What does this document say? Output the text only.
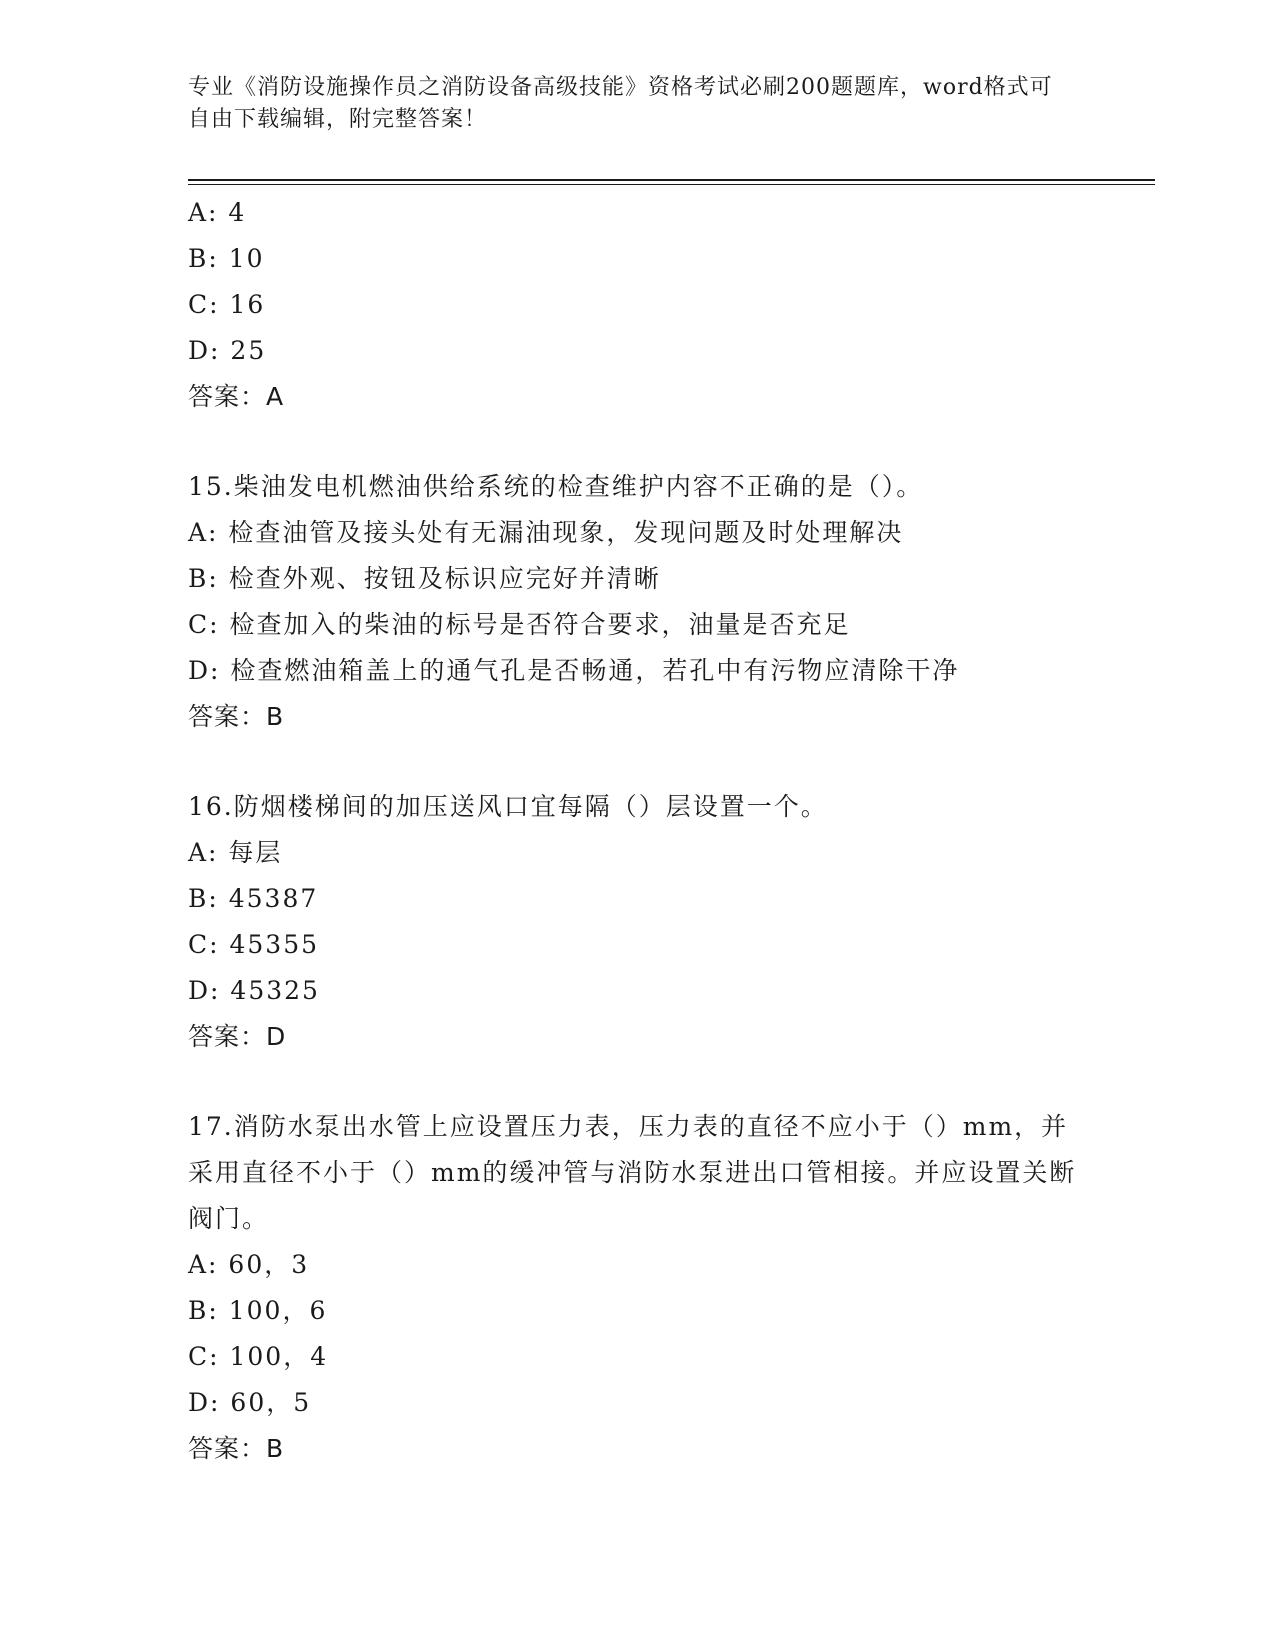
专业《消防设施操作员之消防设备高级技能》资格考试必刷200题题库，word格式可自由下载编辑，附完整答案！
A: 4
B: 10
C: 16
D: 25
答案：A
15.柴油发电机燃油供给系统的检查维护内容不正确的是（）。
A: 检查油管及接头处有无漏油现象，发现问题及时处理解决
B: 检查外观、按钮及标识应完好并清晰
C: 检查加入的柴油的标号是否符合要求，油量是否充足
D: 检查燃油箱盖上的通气孔是否畅通，若孔中有污物应清除干净
答案：B
16.防烟楼梯间的加压送风口宜每隔（）层设置一个。
A: 每层
B: 45387
C: 45355
D: 45325
答案：D
17.消防水泵出水管上应设置压力表，压力表的直径不应小于（）mm，并采用直径不小于（）mm的缓冲管与消防水泵进出口管相接。并应设置关断阀门。
A: 60，3
B: 100，6
C: 100，4
D: 60，5
答案：B
